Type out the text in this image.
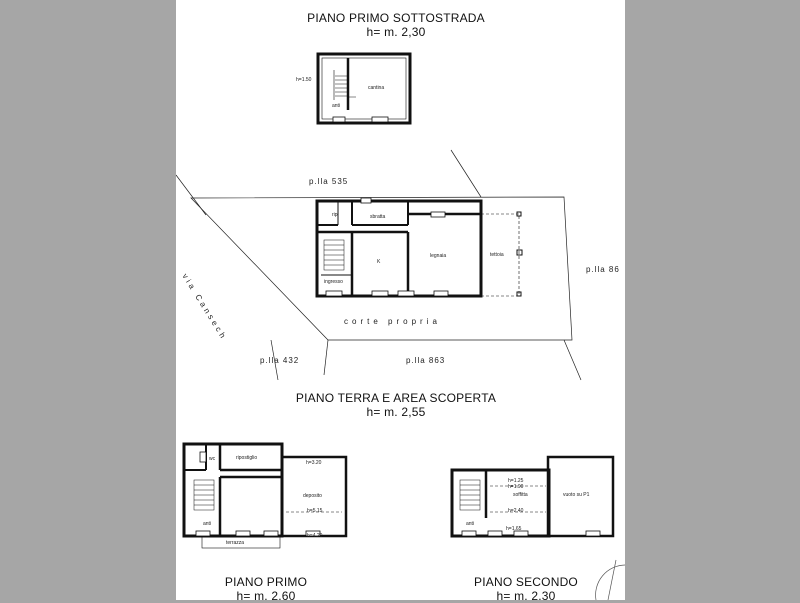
PIANO PRIMO SOTTOSTRADA
h= m. 2,30
PIANO TERRA E AREA SCOPERTA
h= m. 2,55
PIANO PRIMO
h= m. 2.60
PIANO SECONDO
h= m. 2.30
h=1.50
cantina
anti
p.lla 535
p.lla 86
p.lla 432	p.lla 863
corte propria
via Cansech
rip.	sbratta
legnaia	tettoia
K
ingresso
wc	ripostiglio
h=3.20
deposito
h=5.15
anti
h=4.20
terrazza
h=1.25
h=1.90
soffitta	vuoto su P1
h=2.40
anti
h=1.65
